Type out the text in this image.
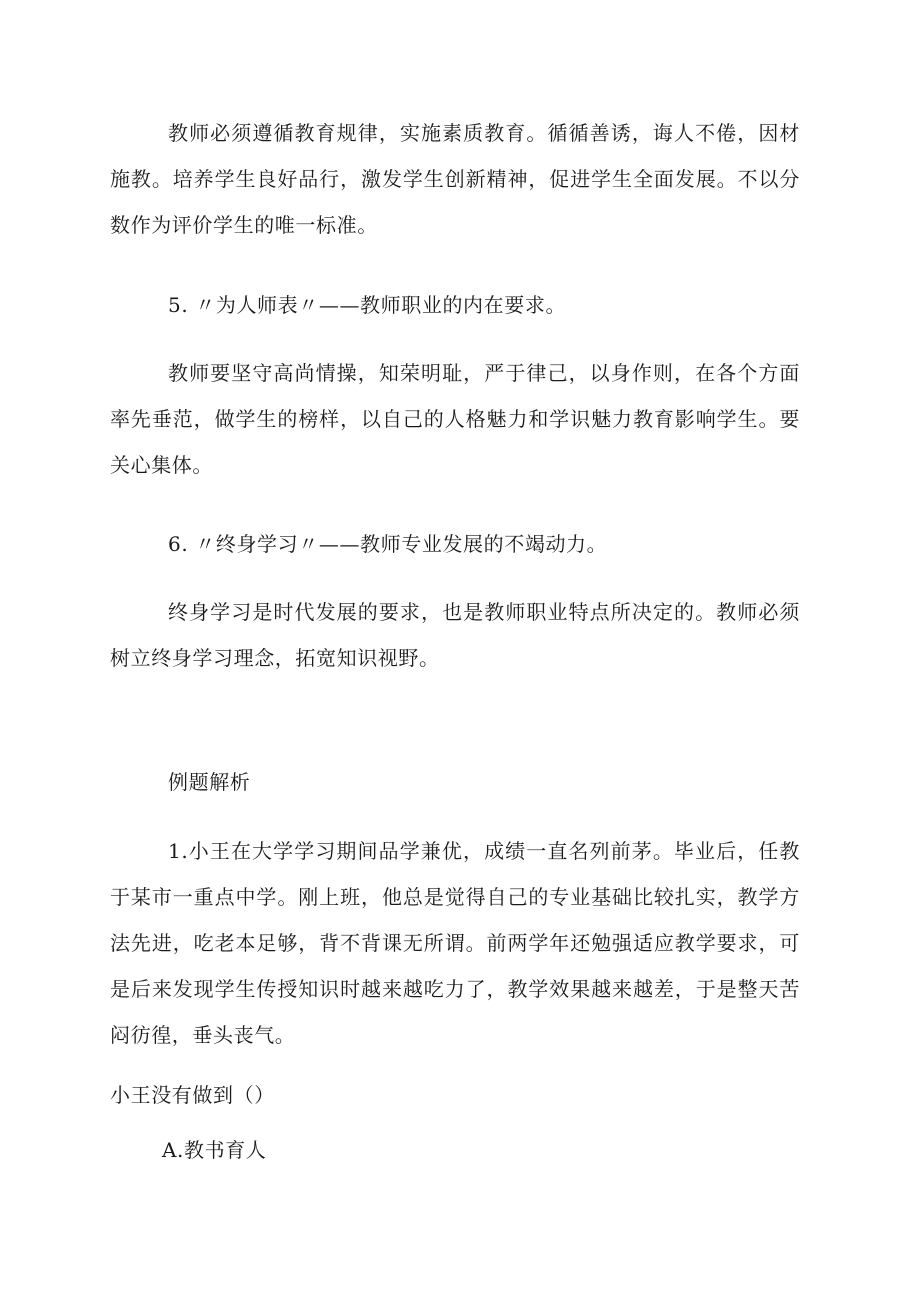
教师必须遵循教育规律，实施素质教育。循循善诱，诲人不倦，因材施教。培养学生良好品行，激发学生创新精神，促进学生全面发展。不以分数作为评价学生的唯一标准。

5. 〃为人师表〃——教师职业的内在要求。

教师要坚守高尚情操，知荣明耻，严于律己，以身作则，在各个方面率先垂范，做学生的榜样，以自己的人格魅力和学识魅力教育影响学生。要关心集体。

6. 〃终身学习〃——教师专业发展的不竭动力。

终身学习是时代发展的要求，也是教师职业特点所决定的。教师必须树立终身学习理念，拓宽知识视野。

例题解析

1.小王在大学学习期间品学兼优，成绩一直名列前茅。毕业后，任教于某市一重点中学。刚上班，他总是觉得自己的专业基础比较扎实，教学方法先进，吃老本足够，背不背课无所谓。前两学年还勉强适应教学要求，可是后来发现学生传授知识时越来越吃力了，教学效果越来越差，于是整天苦闷彷徨，垂头丧气。

小王没有做到（）

A.教书育人
